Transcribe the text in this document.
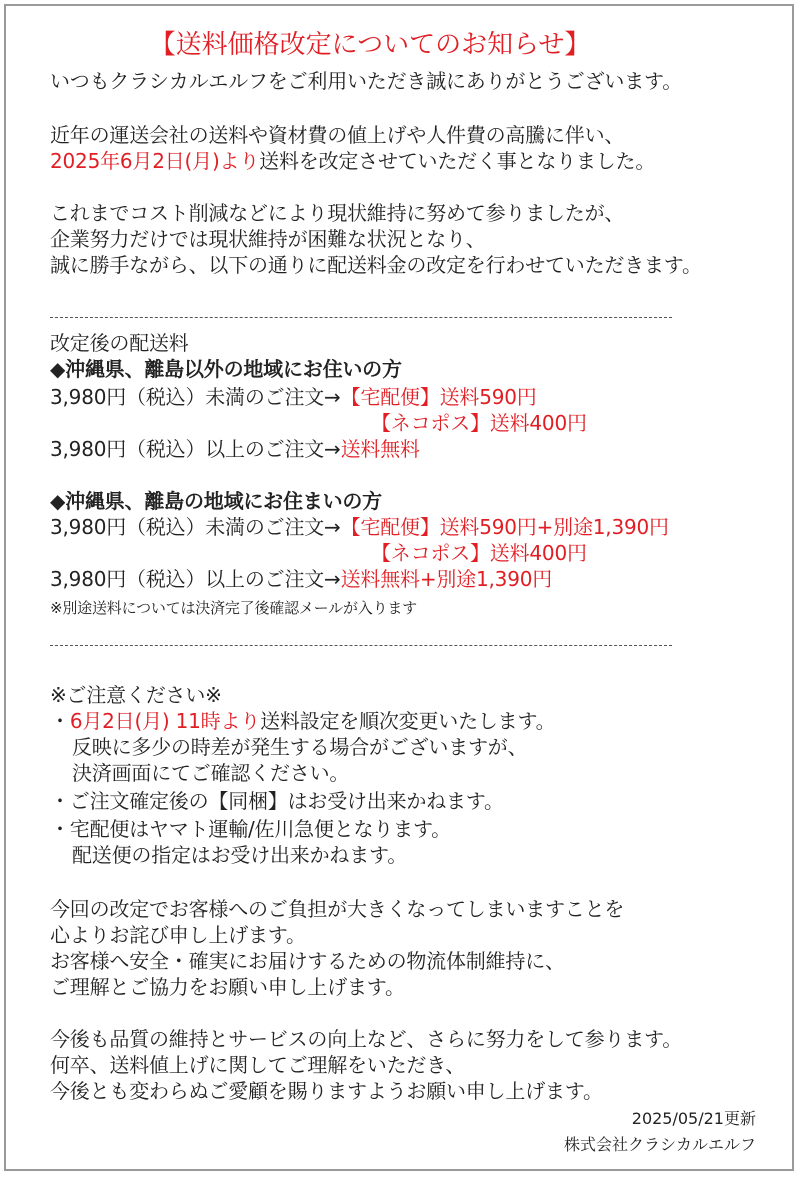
【送料価格改定についてのお知らせ】
いつもクラシカルエルフをご利用いただき誠にありがとうございます。
近年の運送会社の送料や資材費の値上げや人件費の高騰に伴い、
2025年6月2日(月)より送料を改定させていただく事となりました。
これまでコスト削減などにより現状維持に努めて参りましたが、
企業努力だけでは現状維持が困難な状況となり、
誠に勝手ながら、以下の通りに配送料金の改定を行わせていただきます。
改定後の配送料
◆沖縄県、離島以外の地域にお住いの方
3,980円（税込）未満のご注文→【宅配便】送料590円
【ネコポス】送料400円
3,980円（税込）以上のご注文→送料無料
◆沖縄県、離島の地域にお住まいの方
3,980円（税込）未満のご注文→【宅配便】送料590円+別途1,390円
【ネコポス】送料400円
3,980円（税込）以上のご注文→送料無料+別途1,390円
※別途送料については決済完了後確認メールが入ります
※ご注意ください※
・6月2日(月) 11時より送料設定を順次変更いたします。
反映に多少の時差が発生する場合がございますが、
決済画面にてご確認ください。
・ご注文確定後の【同梱】はお受け出来かねます。
・宅配便はヤマト運輸/佐川急便となります。
配送便の指定はお受け出来かねます。
今回の改定でお客様へのご負担が大きくなってしまいますことを
心よりお詫び申し上げます。
お客様へ安全・確実にお届けするための物流体制維持に、
ご理解とご協力をお願い申し上げます。
今後も品質の維持とサービスの向上など、さらに努力をして参ります。
何卒、送料値上げに関してご理解をいただき、
今後とも変わらぬご愛顧を賜りますようお願い申し上げます。
2025/05/21更新
株式会社クラシカルエルフ
